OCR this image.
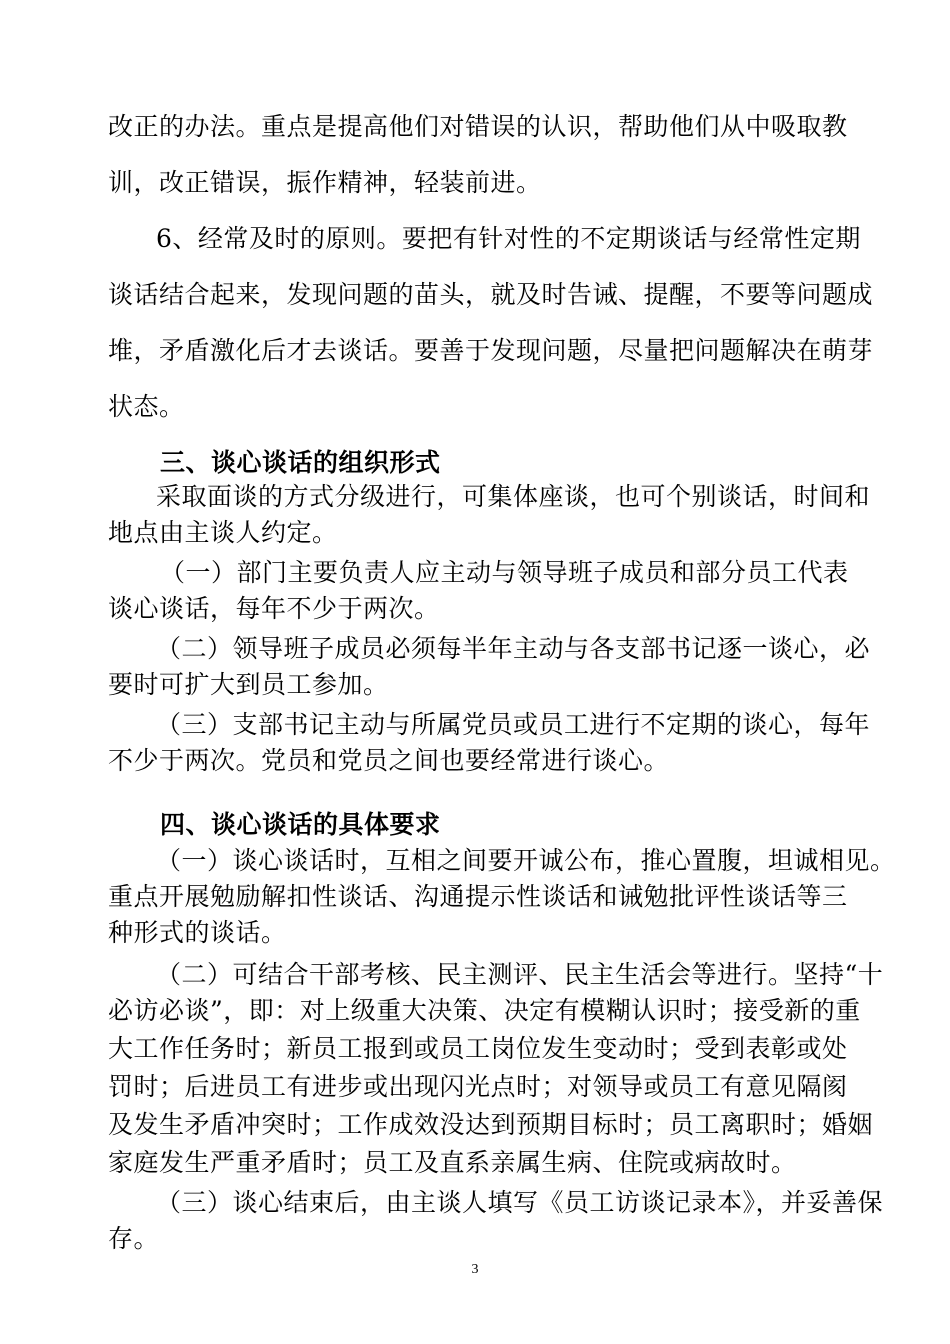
改正的办法。重点是提高他们对错误的认识，帮助他们从中吸取教
训，改正错误，振作精神，轻装前进。
6、经常及时的原则。要把有针对性的不定期谈话与经常性定期
谈话结合起来，发现问题的苗头，就及时告诫、提醒，不要等问题成
堆，矛盾激化后才去谈话。要善于发现问题，尽量把问题解决在萌芽
状态。
三、谈心谈话的组织形式
采取面谈的方式分级进行，可集体座谈，也可个别谈话，时间和
地点由主谈人约定。
（一）部门主要负责人应主动与领导班子成员和部分员工代表
谈心谈话，每年不少于两次。
（二）领导班子成员必须每半年主动与各支部书记逐一谈心，必
要时可扩大到员工参加。
（三）支部书记主动与所属党员或员工进行不定期的谈心，每年
不少于两次。党员和党员之间也要经常进行谈心。
四、谈心谈话的具体要求
（一）谈心谈话时，互相之间要开诚公布，推心置腹，坦诚相见。
重点开展勉励解扣性谈话、沟通提示性谈话和诫勉批评性谈话等三
种形式的谈话。
（二）可结合干部考核、民主测评、民主生活会等进行。坚持“十
必访必谈”，即：对上级重大决策、决定有模糊认识时；接受新的重
大工作任务时；新员工报到或员工岗位发生变动时；受到表彰或处
罚时；后进员工有进步或出现闪光点时；对领导或员工有意见隔阂
及发生矛盾冲突时；工作成效没达到预期目标时；员工离职时；婚姻
家庭发生严重矛盾时；员工及直系亲属生病、住院或病故时。
（三）谈心结束后，由主谈人填写《员工访谈记录本》，并妥善保
存。
3
